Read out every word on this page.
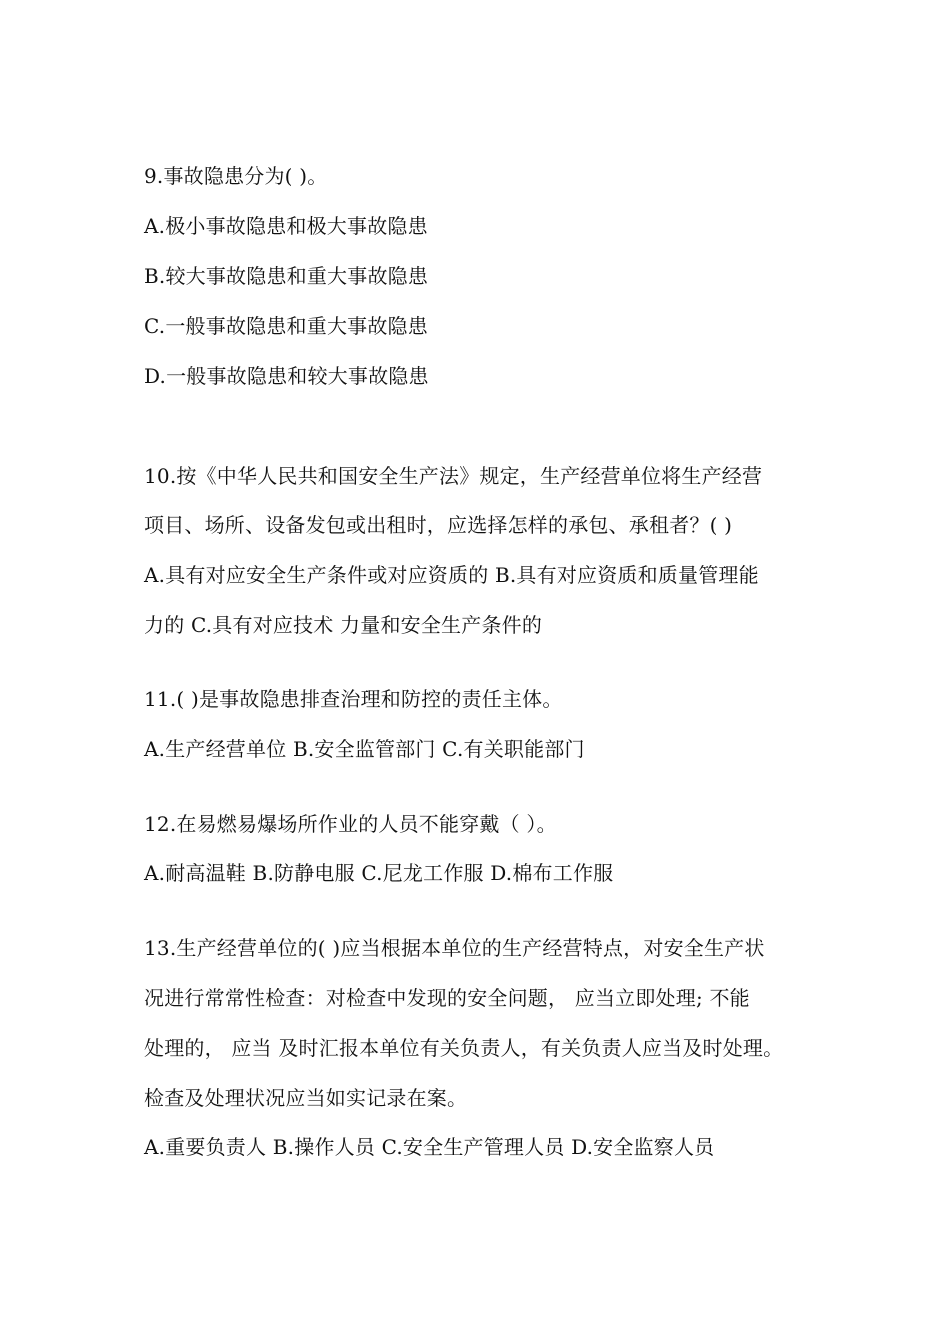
9.事故隐患分为( )。
A.极小事故隐患和极大事故隐患
B.较大事故隐患和重大事故隐患
C.一般事故隐患和重大事故隐患
D.一般事故隐患和较大事故隐患
10.按《中华人民共和国安全生产法》规定，生产经营单位将生产经营
项目、场所、设备发包或出租时，应选择怎样的承包、承租者？( )
A.具有对应安全生产条件或对应资质的 B.具有对应资质和质量管理能
力的 C.具有对应技术 力量和安全生产条件的
11.( )是事故隐患排查治理和防控的责任主体。
A.生产经营单位 B.安全监管部门 C.有关职能部门
12.在易燃易爆场所作业的人员不能穿戴（ ）。
A.耐高温鞋 B.防静电服 C.尼龙工作服 D.棉布工作服
13.生产经营单位的( )应当根据本单位的生产经营特点，对安全生产状
况进行常常性检查：对检查中发现的安全问题， 应当立即处理; 不能
处理的， 应当 及时汇报本单位有关负责人，有关负责人应当及时处理。
检查及处理状况应当如实记录在案。
A.重要负责人 B.操作人员 C.安全生产管理人员 D.安全监察人员
